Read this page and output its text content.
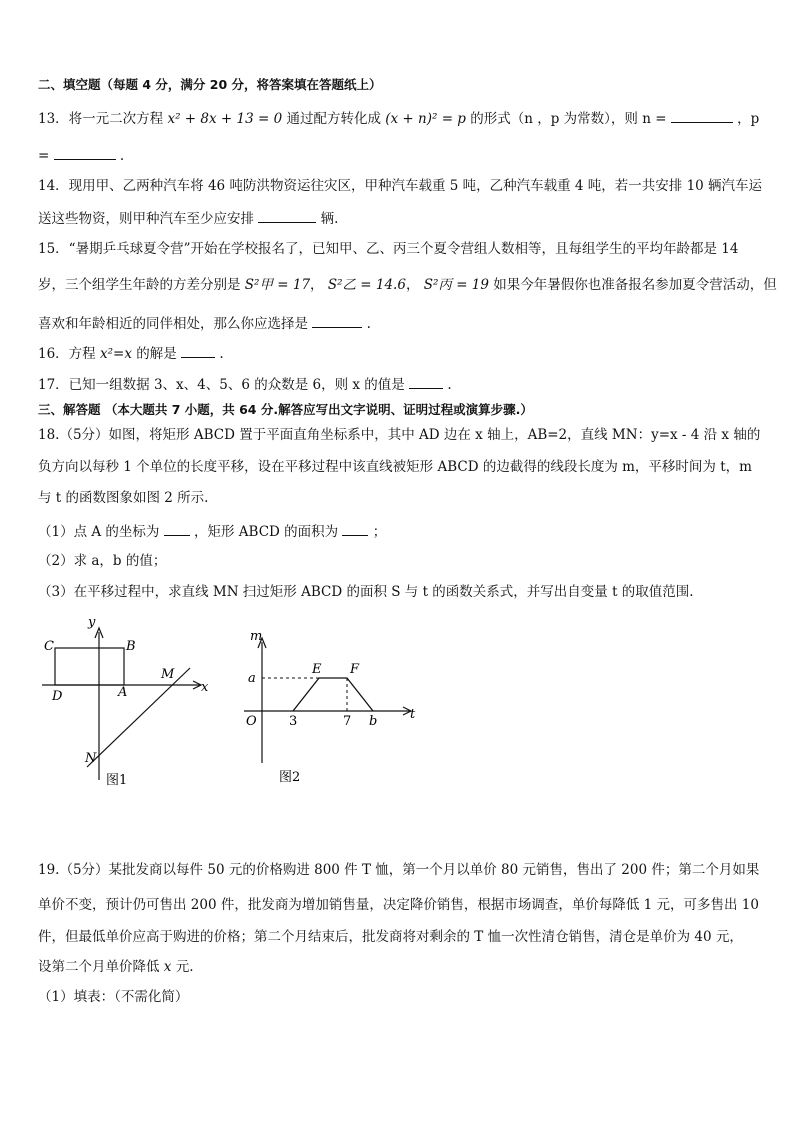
二、填空题（每题 4 分，满分 20 分，将答案填在答题纸上）
13．将一元二次方程 x² + 8x + 13 = 0 通过配方转化成 (x + n)² = p 的形式（n ，p 为常数），则 n =	，p
=	.
14．现用甲、乙两种汽车将 46 吨防洪物资运往灾区，甲种汽车载重 5 吨，乙种汽车载重 4 吨，若一共安排 10 辆汽车运
送这些物资，则甲种汽车至少应安排	辆.
15．“暑期乒乓球夏令营”开始在学校报名了，已知甲、乙、丙三个夏令营组人数相等，且每组学生的平均年龄都是 14
岁，三个组学生年龄的方差分别是 S²甲 = 17， S²乙 = 14.6， S²丙 = 19 如果今年暑假你也准备报名参加夏令营活动，但
喜欢和年龄相近的同伴相处，那么你应选择是	.
16．方程 x²=x 的解是	.
17．已知一组数据 3、x、4、5、6 的众数是 6，则 x 的值是	.
三、解答题 （本大题共 7 小题，共 64 分.解答应写出文字说明、证明过程或演算步骤.）
18.（5分）如图，将矩形 ABCD 置于平面直角坐标系中，其中 AD 边在 x 轴上，AB=2，直线 MN：y=x - 4 沿 x 轴的
负方向以每秒 1 个单位的长度平移，设在平移过程中该直线被矩形 ABCD 的边截得的线段长度为 m，平移时间为 t，m
与 t 的函数图象如图 2 所示.
（1）点 A 的坐标为	，矩形 ABCD 的面积为	；
（2）求 a，b 的值；
（3）在平移过程中，求直线 MN 扫过矩形 ABCD 的面积 S 与 t 的函数关系式，并写出自变量 t 的取值范围.
y
x
C	B
D	A
M
N
图1
m
t
O
a
E F
3	7 b
图2
19.（5分）某批发商以每件 50 元的价格购进 800 件 T 恤，第一个月以单价 80 元销售，售出了 200 件；第二个月如果
单价不变，预计仍可售出 200 件，批发商为增加销售量，决定降价销售，根据市场调查，单价每降低 1 元，可多售出 10
件，但最低单价应高于购进的价格；第二个月结束后，批发商将对剩余的 T 恤一次性清仓销售，清仓是单价为 40 元，
设第二个月单价降低 x 元.
（1）填表：（不需化简）
